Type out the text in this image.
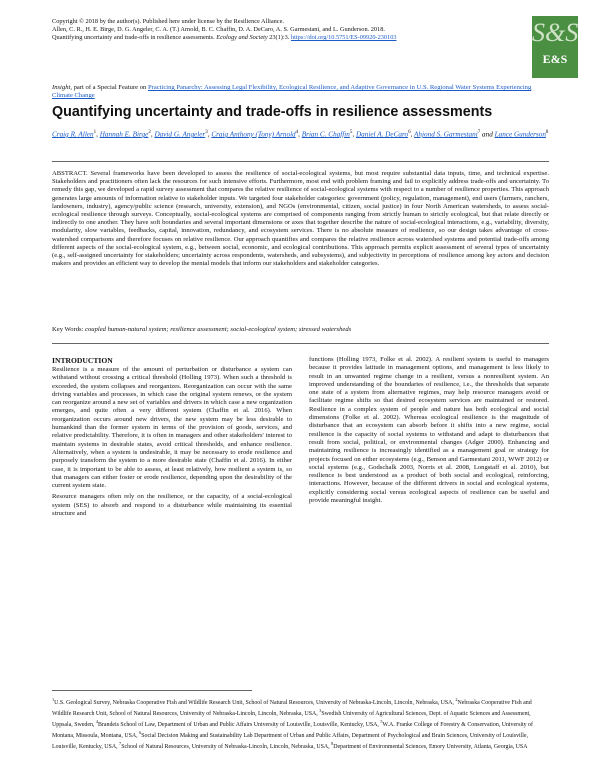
Copyright © 2018 by the author(s). Published here under license by the Resilience Alliance.
Allen, C. R., H. E. Birge, D. G. Angeler, C. A. (T.) Arnold, B. C. Chaffin, D. A. DeCaro, A. S. Garmestani, and L. Gunderson. 2018.
Quantifying uncertainty and trade-offs in resilience assessments. Ecology and Society 23(1):3. https://doi.org/10.5751/ES-09920-230103	S&S
E&S
Insight, part of a Special Feature on Practicing Panarchy: Assessing Legal Flexibility, Ecological Resilience, and Adaptive Governance in U.S. Regional Water Systems Experiencing Climate Change
Quantifying uncertainty and trade-offs in resilience assessments
Craig R. Allen$^1$, Hannah E. Birge$^2$, David G. Angeler$^3$, Craig Anthony (Tony) Arnold$^4$, Brian C. Chaffin$^5$, Daniel A. DeCaro$^6$, Ahjond S. Garmestani$^7$ and Lance Gunderson$^8$
ABSTRACT. Several frameworks have been developed to assess the resilience of social-ecological systems, but most require substantial data inputs, time, and technical expertise. Stakeholders and practitioners often lack the resources for such intensive efforts. Furthermore, most end with problem framing and fail to explicitly address trade-offs and uncertainty. To remedy this gap, we developed a rapid survey assessment that compares the relative resilience of social-ecological systems with respect to a number of resilience properties. This approach generates large amounts of information relative to stakeholder inputs. We targeted four stakeholder categories: government (policy, regulation, management), end users (farmers, ranchers, landowners, industry), agency/public science (research, university, extension), and NGOs (environmental, citizen, social justice) in four North American watersheds, to assess social-ecological resilience through surveys. Conceptually, social-ecological systems are comprised of components ranging from strictly human to strictly ecological, but that relate directly or indirectly to one another. They have soft boundaries and several important dimensions or axes that together describe the nature of social-ecological interactions, e.g., variability, diversity, modularity, slow variables, feedbacks, capital, innovation, redundancy, and ecosystem services. There is no absolute measure of resilience, so our design takes advantage of cross-watershed comparisons and therefore focuses on relative resilience. Our approach quantifies and compares the relative resilience across watershed systems and potential trade-offs among different aspects of the social-ecological system, e.g., between social, economic, and ecological contributions. This approach permits explicit assessment of several types of uncertainty (e.g., self-assigned uncertainty for stakeholders; uncertainty across respondents, watersheds, and subsystems), and subjectivity in perceptions of resilience among key actors and decision makers and provides an efficient way to develop the mental models that inform our stakeholders and stakeholder categories.
Key Words: coupled human-natural system; resilience assessment; social-ecological system; stressed watersheds
INTRODUCTION

Resilience is a measure of the amount of perturbation or disturbance a system can withstand without crossing a critical threshold (Holling 1973). When such a threshold is exceeded, the system collapses and reorganizes. Reorganization can occur with the same driving variables and processes, in which case the original system renews, or the system can reorganize around a new set of variables and drivers in which case a new organization emerges, and quite often a very different system (Chaffin et al. 2016). When reorganization occurs around new drivers, the new system may be less desirable to humankind than the former system in terms of the provision of goods, services, and relative predictability. Therefore, it is often in managers and other stakeholders' interest to maintain systems in desirable states, avoid critical thresholds, and enhance resilience. Alternatively, when a system is undesirable, it may be necessary to erode resilience and purposely transform the system to a more desirable state (Chaffin et al. 2016). In either case, it is important to be able to assess, at least relatively, how resilient a system is, so that managers can either foster or erode resilience, depending upon the desirability of the current system state.

Resource managers often rely on the resilience, or the capacity, of a social-ecological system (SES) to absorb and respond to a disturbance while maintaining its essential structure and

functions (Holling 1973, Folke et al. 2002). A resilient system is useful to managers because it provides latitude in management options, and management is less likely to result in an unwanted regime change in a resilient, versus a nonresilient system. An improved understanding of the boundaries of resilience, i.e., the thresholds that separate one state of a system from alternative regimes, may help resource managers avoid or facilitate regime shifts so that desired ecosystem services are maintained or restored. Resilience in a complex system of people and nature has both ecological and social dimensions (Folke et al. 2002). Whereas ecological resilience is the magnitude of disturbance that an ecosystem can absorb before it shifts into a new regime, social resilience is the capacity of social systems to withstand and adapt to disturbances that result from social, political, or environmental changes (Adger 2000). Enhancing and maintaining resilience is increasingly identified as a management goal or strategy for projects focused on either ecosystems (e.g., Benson and Garmestani 2011, WWF 2012) or social systems (e.g., Godschalk 2003, Norris et al. 2008, Longstaff et al. 2010), but resilience is best understood as a product of both social and ecological, reinforcing, interactions. However, because of the different drivers in social and ecological systems, explicitly considering social versus ecological aspects of resilience can be useful and provide meaningful insight.

$^1$U.S. Geological Survey, Nebraska Cooperative Fish and Wildlife Research Unit, School of Natural Resources, University of Nebraska-Lincoln, Lincoln, Nebraska, USA, $^2$Nebraska Cooperative Fish and Wildlife Research Unit, School of Natural Resources, University of Nebraska-Lincoln, Lincoln, Nebraska, USA, $^3$Swedish University of Agricultural Sciences, Dept. of Aquatic Sciences and Assessment, Uppsala, Sweden, $^4$Brandeis School of Law, Department of Urban and Public Affairs University of Louisville, Louisville, Kentucky, USA, $^5$W.A. Franke College of Forestry & Conservation, University of Montana, Missoula, Montana, USA, $^6$Social Decision Making and Sustainability Lab Department of Urban and Public Affairs, Department of Psychological and Brain Sciences, University of Louisville, Louisville, Kentucky, USA, $^7$School of Natural Resources, University of Nebraska-Lincoln, Lincoln, Nebraska, USA, $^8$Department of Environmental Sciences, Emory University, Atlanta, Georgia, USA
